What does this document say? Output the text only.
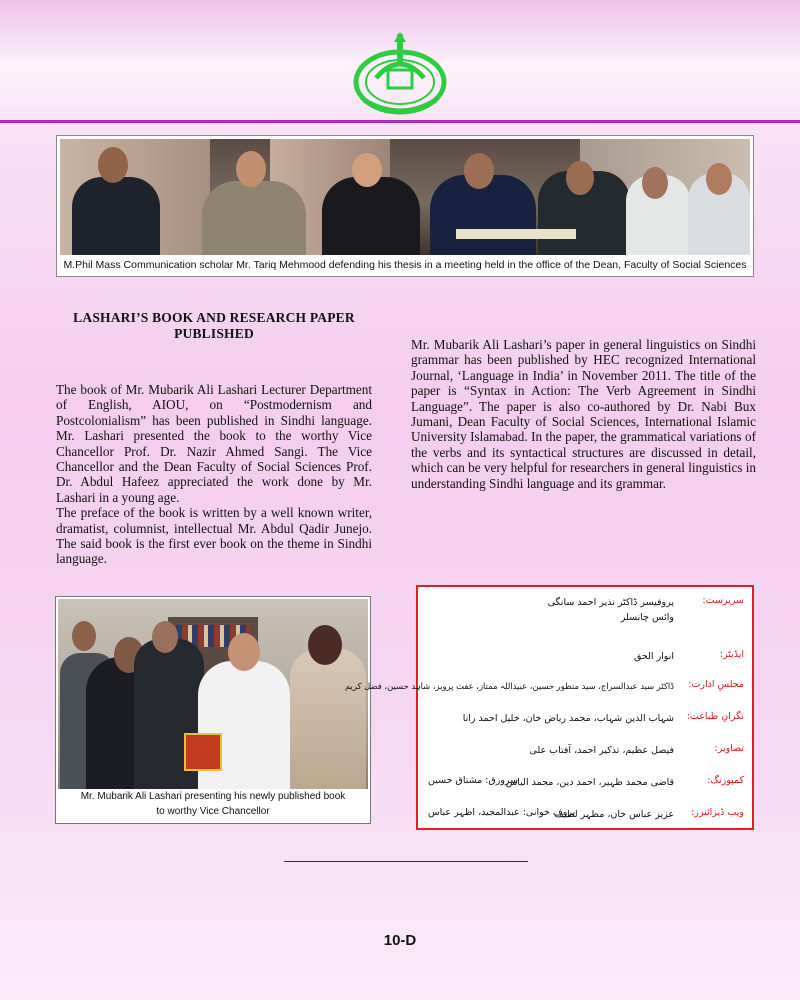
M.Phil Mass Communication scholar Mr. Tariq Mehmood defending his thesis in a meeting held in the office of the Dean, Faculty of Social Sciences
LASHARI’S BOOK AND RESEARCH PAPER PUBLISHED

The book of Mr. Mubarik Ali Lashari Lecturer Department of English, AIOU, on “Postmodernism and Postcolonialism” has been published in Sindhi language. Mr. Lashari presented the book to the worthy Vice Chancellor Prof. Dr. Nazir Ahmed Sangi. The Vice Chancellor and the Dean Faculty of Social Sciences Prof. Dr. Abdul Hafeez appreciated the work done by Mr. Lashari in a young age.

The preface of the book is written by a well known writer, dramatist, columnist, intellectual Mr. Abdul Qadir Junejo. The said book is the first ever book on the theme in Sindhi language.

Mr. Mubarik Ali Lashari’s paper in general linguistics on Sindhi grammar has been published by HEC recognized International Journal, ‘Language in India’ in November 2011. The title of the paper is “Syntax in Action: The Verb Agreement in Sindhi Language”. The paper is also co-authored by Dr. Nabi Bux Jumani, Dean Faculty of Social Sciences, International Islamic University Islamabad. In the paper, the grammatical variations of the verbs and its syntactical structures are discussed in detail, which can be very helpful for researchers in general linguistics in understanding Sindhi language and its grammar.

Mr. Mubarik Ali Lashari presenting his newly published book
to worthy Vice Chancellor
سرپرست:
پروفیسر ڈاکٹر نذیر احمد سانگی
وائس چانسلر
ایڈیٹر:
انوار الحق
مجلسِ ادارت:
ڈاکٹر سید عبدالسراج، سید منظور حسین، عبیداللہ ممتاز، عفت پرویز، شاہد حسین، فضل کریم
نگرانِ طباعت:
شہاب الدین شہاب، محمد ریاض خان، خلیل احمد رانا
تصاویر:
فیصل عظیم، تذکیر احمد، آفتاب علی
کمپوزنگ:
قاضی محمد ظہیر، احمد دین، محمد الیاس
سرورق: مشتاق حسین
ویب ڈیزائنرز:
عزیز عباس خان، مظہر لطیف
پروف خوانی: عبدالمجید، اظہر عباس
10-D
